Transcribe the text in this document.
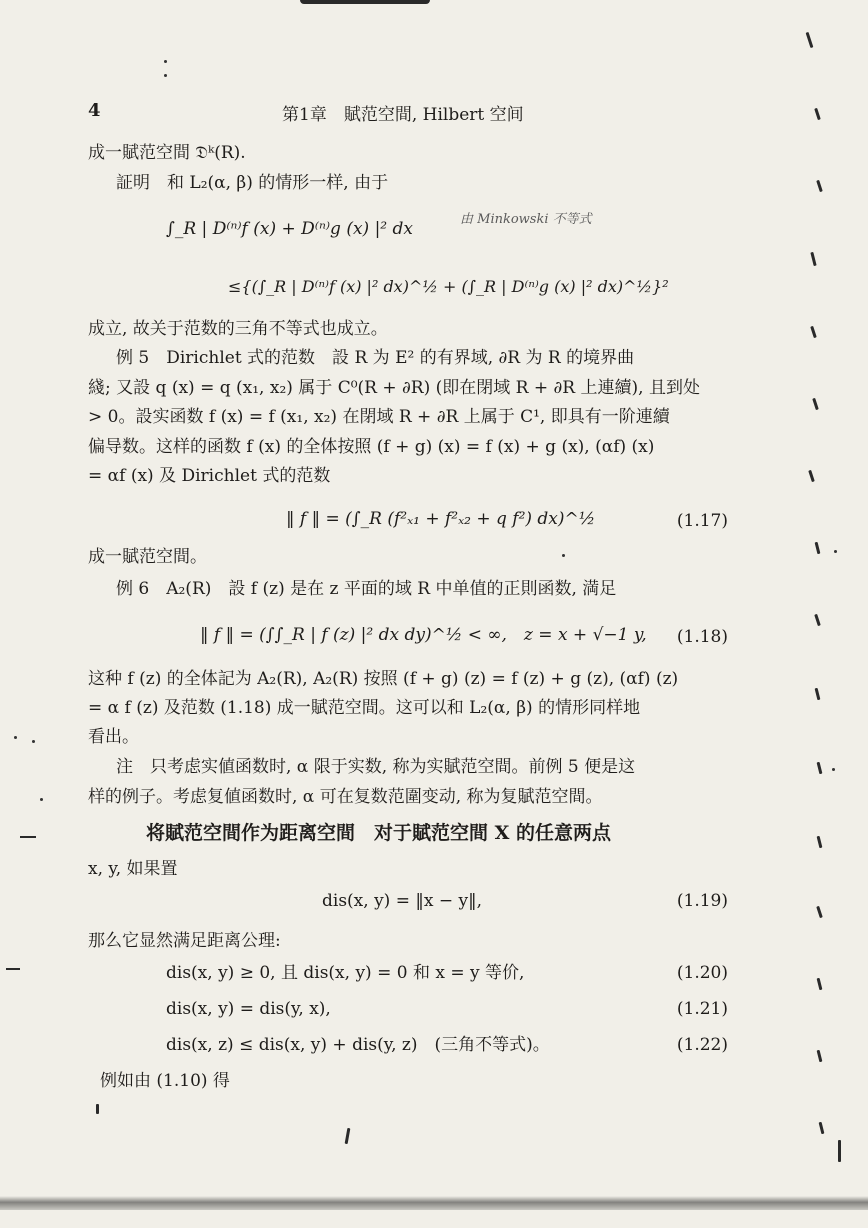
4	第1章　賦范空間, Hilbert 空间
成一賦范空間 𝔇ᵏ(R).
証明　和 L₂(α, β) 的情形一样, 由于
∫_R | D⁽ⁿ⁾f (x) + D⁽ⁿ⁾g (x) |² dx	由 Minkowski 不等式
≤{(∫_R | D⁽ⁿ⁾f (x) |² dx)^½ + (∫_R | D⁽ⁿ⁾g (x) |² dx)^½}²
成立, 故关于范数的三角不等式也成立。
例 5　Dirichlet 式的范数　設 R 为 E² 的有界域, ∂R 为 R 的境界曲
綫; 又設 q (x) = q (x₁, x₂) 属于 C⁰(R + ∂R) (即在閉域 R + ∂R 上連續), 且到处
> 0。設实函数 f (x) = f (x₁, x₂) 在閉域 R + ∂R 上属于 C¹, 即具有一阶連續
偏导数。这样的函数 f (x) 的全体按照 (f + g) (x) = f (x) + g (x), (αf) (x)
= αf (x) 及 Dirichlet 式的范数
‖ f ‖ = (∫_R (f²ₓ₁ + f²ₓ₂ + q f²) dx)^½	(1.17)
成一賦范空間。
例 6　A₂(R)　設 f (z) 是在 z 平面的域 R 中单值的正則函数, 満足
‖ f ‖ = (∫∫_R | f (z) |² dx dy)^½ < ∞,　z = x + √−1 y, (1.18)
这种 f (z) 的全体記为 A₂(R), A₂(R) 按照 (f + g) (z) = f (z) + g (z), (αf) (z)
= α f (z) 及范数 (1.18) 成一賦范空間。这可以和 L₂(α, β) 的情形同样地
看出。
注　只考虑实値函数时, α 限于实数, 称为实賦范空間。前例 5 便是这
样的例子。考虑复値函数时, α 可在复数范圍变动, 称为复賦范空間。
将賦范空間作为距离空間　对于賦范空間 X 的任意两点
x, y, 如果置
dis(x, y) = ‖x − y‖,	(1.19)
那么它显然满足距离公理:
dis(x, y) ≥ 0, 且 dis(x, y) = 0 和 x = y 等价,	(1.20)
dis(x, y) = dis(y, x),	(1.21)
dis(x, z) ≤ dis(x, y) + dis(y, z)　(三角不等式)。	(1.22)
例如由 (1.10) 得
